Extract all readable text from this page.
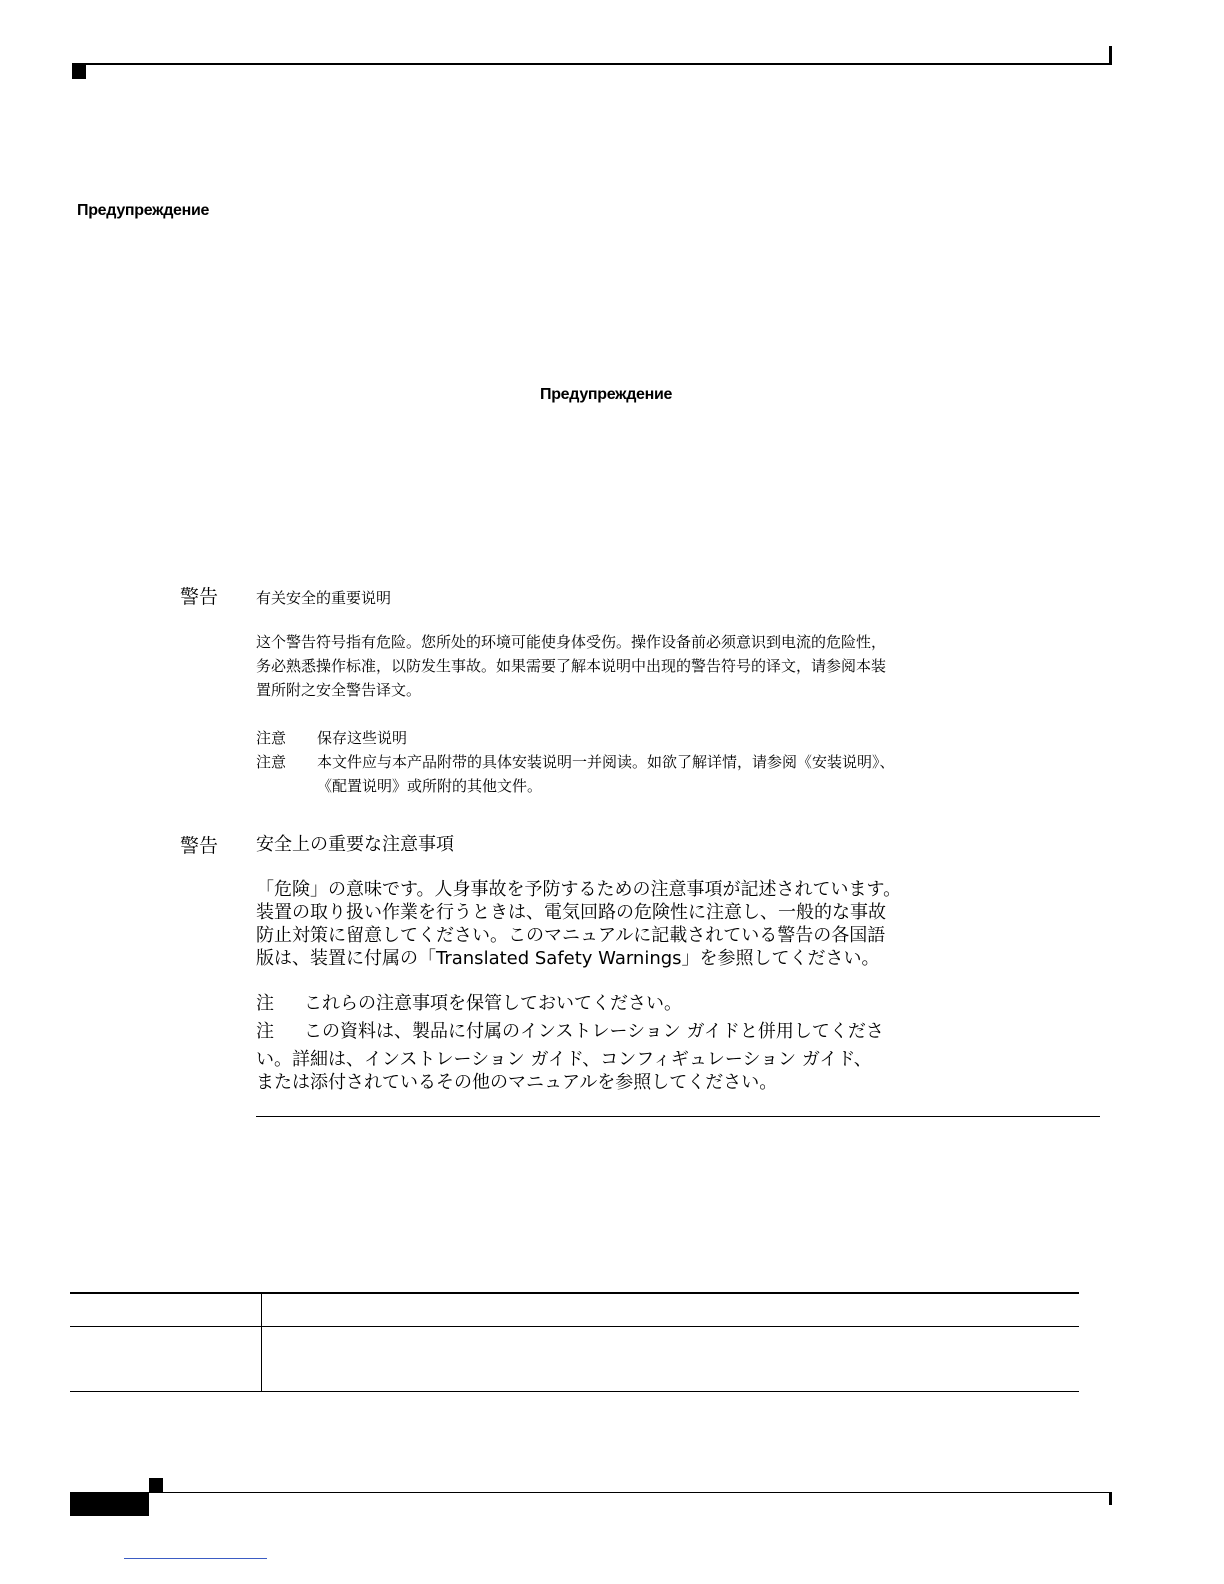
Предупреждение
Предупреждение
警告	有关安全的重要说明
这个警告符号指有危险。您所处的环境可能使身体受伤。操作设备前必须意识到电流的危险性，
务必熟悉操作标准，以防发生事故。如果需要了解本说明中出现的警告符号的译文，请参阅本装
置所附之安全警告译文。
注意	保存这些说明
注意	本文件应与本产品附带的具体安装说明一并阅读。如欲了解详情，请参阅《安装说明》、
《配置说明》或所附的其他文件。
警告 安全上の重要な注意事項
「危険」の意味です。人身事故を予防するための注意事項が記述されています。
装置の取り扱い作業を行うときは、電気回路の危険性に注意し、一般的な事故
防止対策に留意してください。このマニュアルに記載されている警告の各国語
版は、装置に付属の「Translated Safety Warnings」を参照してください。
注	これらの注意事項を保管しておいてください。
注	この資料は、製品に付属のインストレーション ガイドと併用してくださ
い。詳細は、インストレーション ガイド、コンフィギュレーション ガイド、
または添付されているその他のマニュアルを参照してください。
